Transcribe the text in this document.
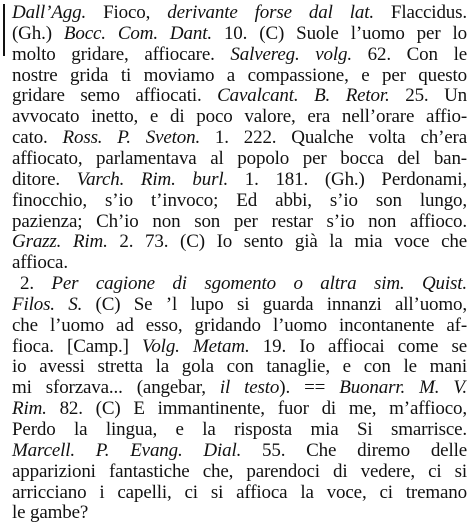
Dall’Agg. Fioco, derivante forse dal lat. Flaccidus.
(Gh.) Bocc. Com. Dant. 10. (C) Suole l’uomo per lo
molto gridare, affiocare. Salvereg. volg. 62. Con le
nostre grida ti moviamo a compassione, e per questo
gridare semo affiocati. Cavalcant. B. Retor. 25. Un
avvocato inetto, e di poco valore, era nell’orare affio-
cato. Ross. P. Sveton. 1. 222. Qualche volta ch’era
affiocato, parlamentava al popolo per bocca del ban-
ditore. Varch. Rim. burl. 1. 181. (Gh.) Perdonami,
finocchio, s’io t’invoco; Ed abbi, s’io son lungo,
pazienza; Ch’io non son per restar s’io non affioco.
Grazz. Rim. 2. 73. (C) Io sento già la mia voce che
affioca.
2. Per cagione di sgomento o altra sim. Quist.
Filos. S. (C) Se ’l lupo si guarda innanzi all’uomo,
che l’uomo ad esso, gridando l’uomo incontanente af-
fioca. [Camp.] Volg. Metam. 19. Io affiocai come se
io avessi stretta la gola con tanaglie, e con le mani
mi sforzava... (angebar, il testo). == Buonarr. M. V.
Rim. 82. (C) E immantinente, fuor di me, m’affioco,
Perdo la lingua, e la risposta mia Si smarrisce.
Marcell. P. Evang. Dial. 55. Che diremo delle
apparizioni fantastiche che, parendoci di vedere, ci si
arricciano i capelli, ci si affioca la voce, ci tremano
le gambe?
